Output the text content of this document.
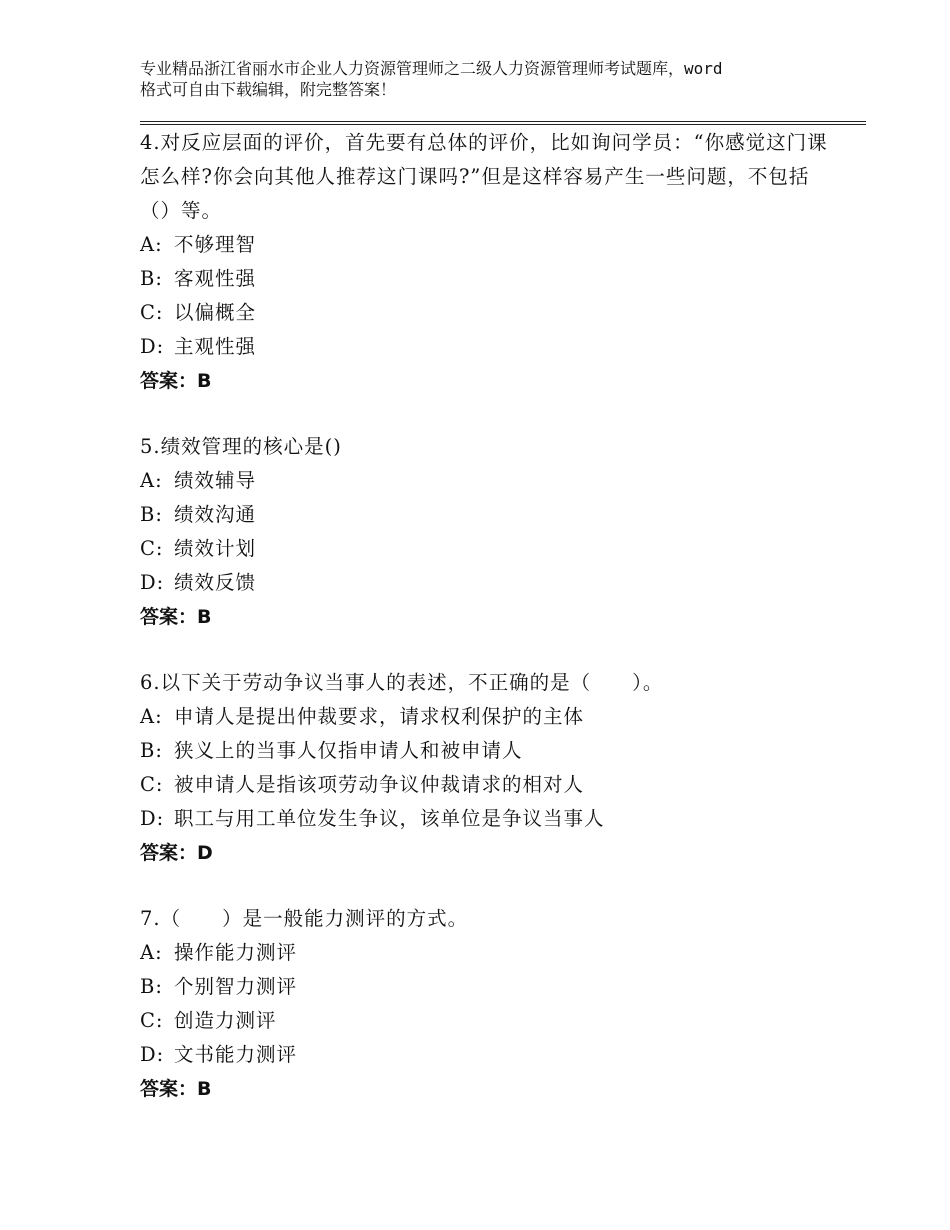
专业精品浙江省丽水市企业人力资源管理师之二级人力资源管理师考试题库，word
格式可自由下载编辑，附完整答案！

4.对反应层面的评价，首先要有总体的评价，比如询问学员：“你感觉这门课怎么样?你会向其他人推荐这门课吗?”但是这样容易产生一些问题，不包括（）等。

A: 不够理智

B: 客观性强

C: 以偏概全

D: 主观性强

答案：B

5.绩效管理的核心是()

A: 绩效辅导

B: 绩效沟通

C: 绩效计划

D: 绩效反馈

答案：B

6.以下关于劳动争议当事人的表述，不正确的是（　　）。

A: 申请人是提出仲裁要求，请求权利保护的主体

B: 狭义上的当事人仅指申请人和被申请人

C: 被申请人是指该项劳动争议仲裁请求的相对人

D: 职工与用工单位发生争议，该单位是争议当事人

答案：D

7.（　　）是一般能力测评的方式。

A: 操作能力测评

B: 个别智力测评

C: 创造力测评

D: 文书能力测评

答案：B
